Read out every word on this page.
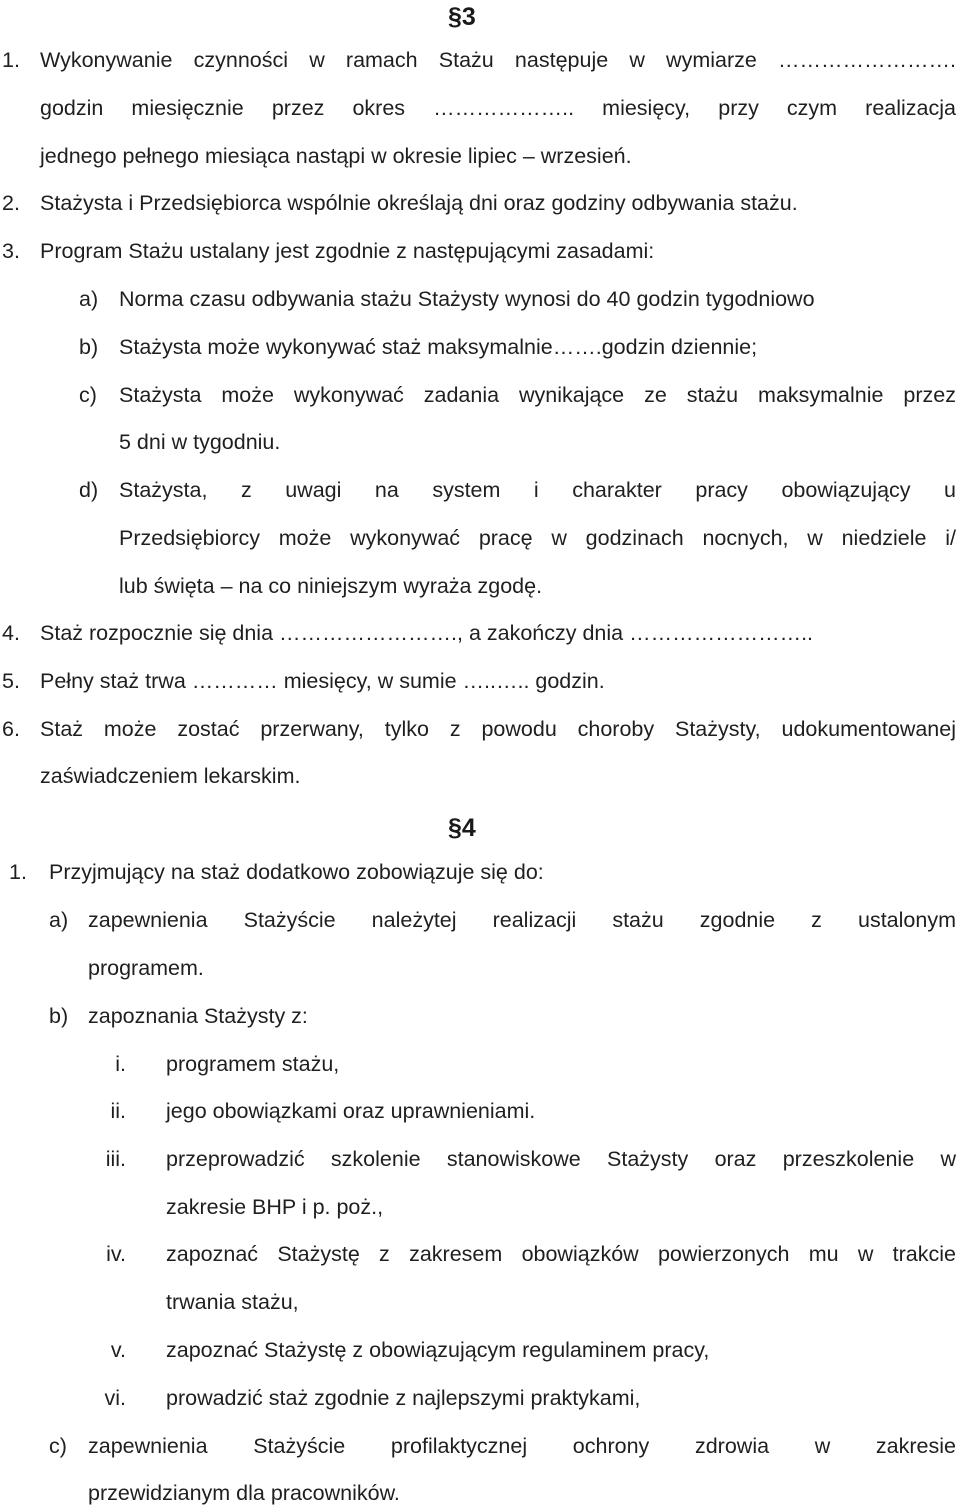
§3
1. Wykonywanie czynności w ramach Stażu następuje w wymiarze …………………….
godzin miesięcznie przez okres ……………….. miesięcy, przy czym realizacja
jednego pełnego miesiąca nastąpi w okresie lipiec – wrzesień.
2. Stażysta i Przedsiębiorca wspólnie określają dni oraz godziny odbywania stażu.
3. Program Stażu ustalany jest zgodnie z następującymi zasadami:
a) Norma czasu odbywania stażu Stażysty wynosi do 40 godzin tygodniowo
b) Stażysta może wykonywać staż maksymalnie…….godzin dziennie;
c) Stażysta może wykonywać zadania wynikające ze stażu maksymalnie przez
5 dni w tygodniu.
d) Stażysta, z uwagi na system i charakter pracy obowiązujący u
Przedsiębiorcy może wykonywać pracę w godzinach nocnych, w niedziele i/
lub święta – na co niniejszym wyraża zgodę.
4. Staż rozpocznie się dnia ……………………., a zakończy dnia ……………………..
5. Pełny staż trwa ………… miesięcy, w sumie …..….. godzin.
6. Staż może zostać przerwany, tylko z powodu choroby Stażysty, udokumentowanej
zaświadczeniem lekarskim.
§4
1. Przyjmujący na staż dodatkowo zobowiązuje się do:
a) zapewnienia Stażyście należytej realizacji stażu zgodnie z ustalonym
programem.
b) zapoznania Stażysty z:
i. programem stażu,
ii. jego obowiązkami oraz uprawnieniami.
iii. przeprowadzić szkolenie stanowiskowe Stażysty oraz przeszkolenie w
zakresie BHP i p. poż.,
iv. zapoznać Stażystę z zakresem obowiązków powierzonych mu w trakcie
trwania stażu,
v. zapoznać Stażystę z obowiązującym regulaminem pracy,
vi. prowadzić staż zgodnie z najlepszymi praktykami,
c) zapewnienia Stażyście profilaktycznej ochrony zdrowia w zakresie
przewidzianym dla pracowników.
